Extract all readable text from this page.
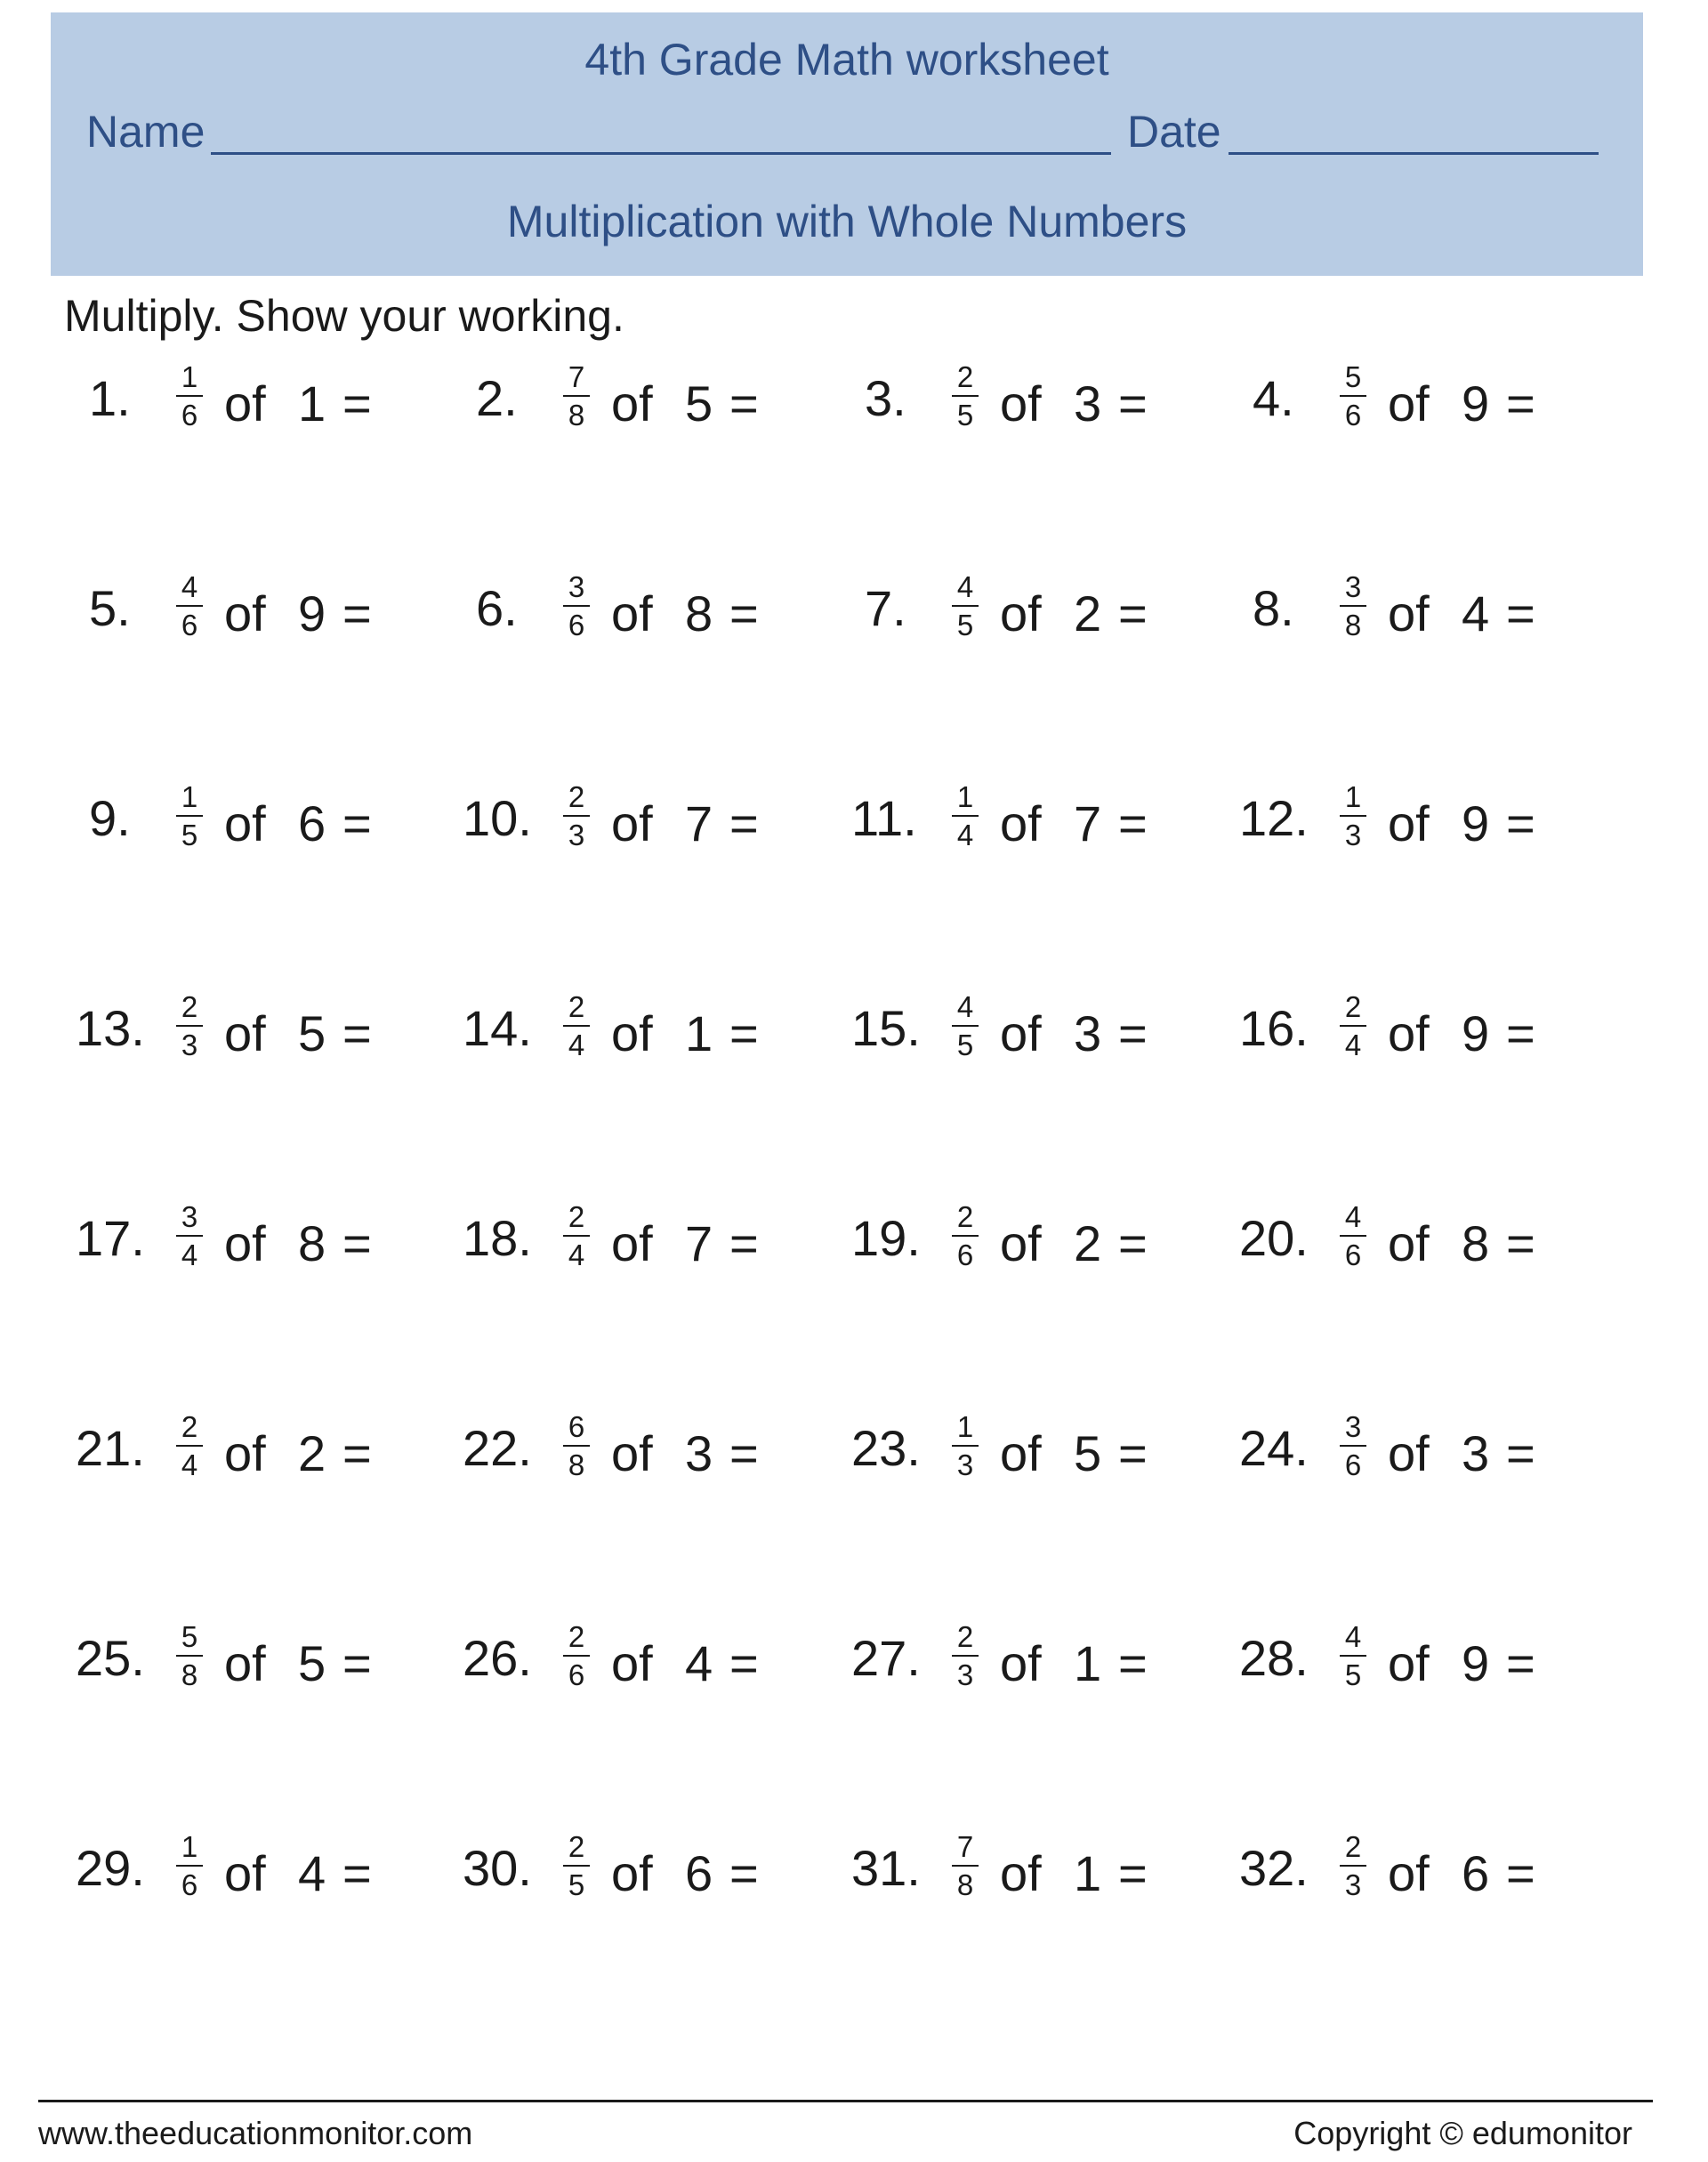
4th Grade Math worksheet
Name	Date
Multiplication with Whole Numbers
Multiply. Show your working.
1. 1
6 of 1 = 2. 7
8 of 5 = 3. 2
5 of 3 = 4. 5
6 of 9 =
5. 4
6 of 9 = 6. 3
6 of 8 = 7. 4
5 of 2 = 8. 3
8 of 4 =
9. 1
5 of 6 = 10. 2
3 of 7 = 11. 1
4 of 7 = 12. 1
3 of 9 =
13. 2
3 of 5 = 14. 2
4 of 1 = 15. 4
5 of 3 = 16. 2
4 of 9 =
17. 3
4 of 8 = 18. 2
4 of 7 = 19. 2
6 of 2 = 20. 4
6 of 8 =
21. 2
4 of 2 = 22. 6
8 of 3 = 23. 1
3 of 5 = 24. 3
6 of 3 =
25. 5
8 of 5 = 26. 2
6 of 4 = 27. 2
3 of 1 = 28. 4
5 of 9 =
29. 1
6 of 4 = 30. 2
5 of 6 = 31. 7
8 of 1 = 32. 2
3 of 6 =
www.theeducationmonitor.com	Copyright © edumonitor
